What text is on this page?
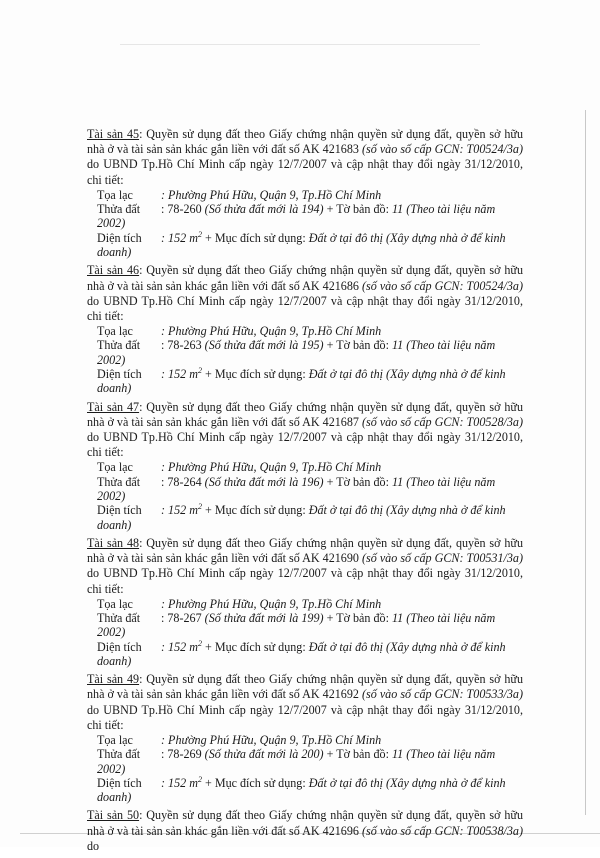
Tài sản 45: Quyền sử dụng đất theo Giấy chứng nhận quyền sử dụng đất, quyền sở hữu nhà ở và tài sản sản khác gắn liền với đất số AK 421683 (số vào số cấp GCN: T00524/3a) do UBND Tp.Hồ Chí Minh cấp ngày 12/7/2007 và cập nhật thay đổi ngày 31/12/2010, chi tiết:

Tọa lạc	: Phường Phú Hữu, Quận 9, Tp.Hồ Chí Minh
Thửa đất	: 78-260 (Số thửa đất mới là 194) + Tờ bản đồ: 11 (Theo tài liệu năm
2002)
Diện tích	: 152 $m^2$ + Mục đích sử dụng: Đất ở tại đô thị (Xây dựng nhà ở để kinh
doanh)

Tài sản 46: Quyền sử dụng đất theo Giấy chứng nhận quyền sử dụng đất, quyền sở hữu nhà ở và tài sản sản khác gắn liền với đất số AK 421686 (số vào số cấp GCN: T00524/3a) do UBND Tp.Hồ Chí Minh cấp ngày 12/7/2007 và cập nhật thay đổi ngày 31/12/2010, chi tiết:

Tọa lạc	: Phường Phú Hữu, Quận 9, Tp.Hồ Chí Minh
Thửa đất	: 78-263 (Số thửa đất mới là 195) + Tờ bản đồ: 11 (Theo tài liệu năm
2002)
Diện tích	: 152 $m^2$ + Mục đích sử dụng: Đất ở tại đô thị (Xây dựng nhà ở để kinh
doanh)

Tài sản 47: Quyền sử dụng đất theo Giấy chứng nhận quyền sử dụng đất, quyền sở hữu nhà ở và tài sản sản khác gắn liền với đất số AK 421687 (số vào số cấp GCN: T00528/3a) do UBND Tp.Hồ Chí Minh cấp ngày 12/7/2007 và cập nhật thay đổi ngày 31/12/2010, chi tiết:

Tọa lạc	: Phường Phú Hữu, Quận 9, Tp.Hồ Chí Minh
Thửa đất	: 78-264 (Số thửa đất mới là 196) + Tờ bản đồ: 11 (Theo tài liệu năm
2002)
Diện tích	: 152 $m^2$ + Mục đích sử dụng: Đất ở tại đô thị (Xây dựng nhà ở để kinh
doanh)

Tài sản 48: Quyền sử dụng đất theo Giấy chứng nhận quyền sử dụng đất, quyền sở hữu nhà ở và tài sản sản khác gắn liền với đất số AK 421690 (số vào số cấp GCN: T00531/3a) do UBND Tp.Hồ Chí Minh cấp ngày 12/7/2007 và cập nhật thay đổi ngày 31/12/2010, chi tiết:

Tọa lạc	: Phường Phú Hữu, Quận 9, Tp.Hồ Chí Minh
Thửa đất	: 78-267 (Số thửa đất mới là 199) + Tờ bản đồ: 11 (Theo tài liệu năm
2002)
Diện tích	: 152 $m^2$ + Mục đích sử dụng: Đất ở tại đô thị (Xây dựng nhà ở để kinh
doanh)

Tài sản 49: Quyền sử dụng đất theo Giấy chứng nhận quyền sử dụng đất, quyền sở hữu nhà ở và tài sản sản khác gắn liền với đất số AK 421692 (số vào số cấp GCN: T00533/3a) do UBND Tp.Hồ Chí Minh cấp ngày 12/7/2007 và cập nhật thay đổi ngày 31/12/2010, chi tiết:

Tọa lạc	: Phường Phú Hữu, Quận 9, Tp.Hồ Chí Minh
Thửa đất	: 78-269 (Số thửa đất mới là 200) + Tờ bản đồ: 11 (Theo tài liệu năm
2002)
Diện tích	: 152 $m^2$ + Mục đích sử dụng: Đất ở tại đô thị (Xây dựng nhà ở để kinh
doanh)

Tài sản 50: Quyền sử dụng đất theo Giấy chứng nhận quyền sử dụng đất, quyền sở hữu nhà ở và tài sản sản khác gắn liền với đất số AK 421696 (số vào số cấp GCN: T00538/3a) do
